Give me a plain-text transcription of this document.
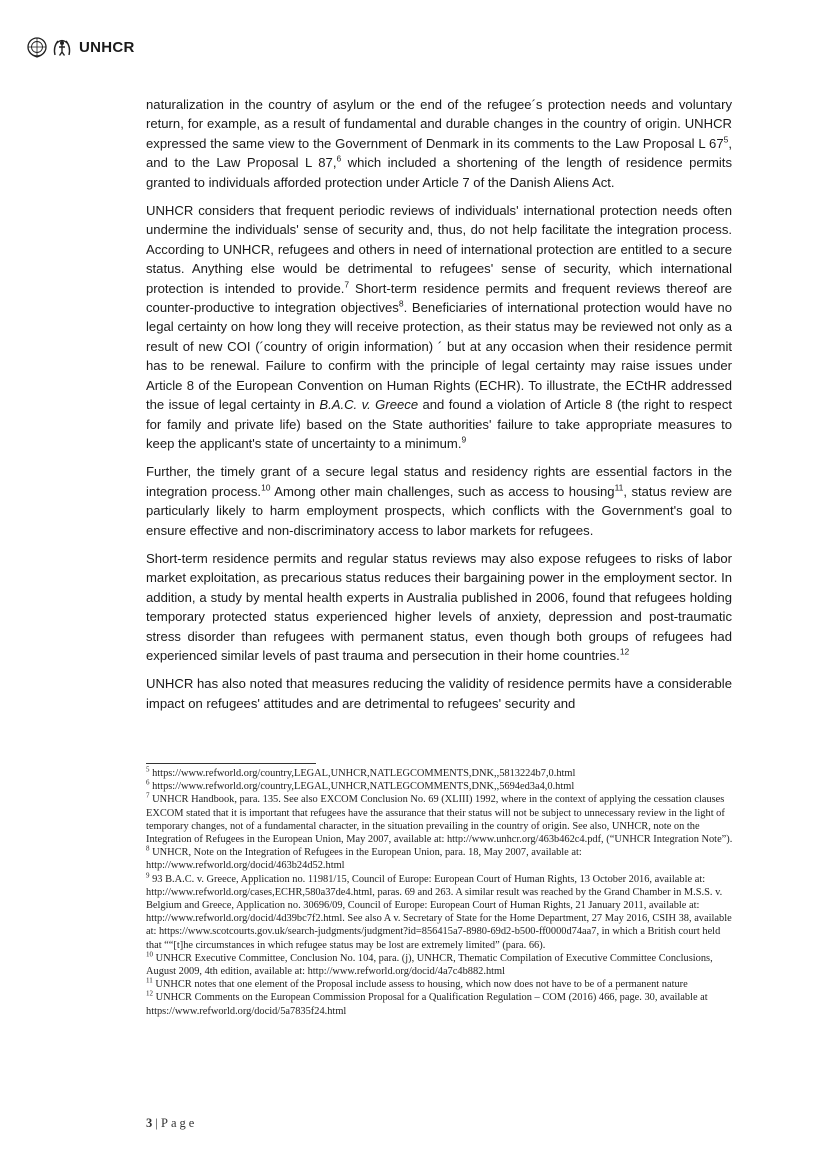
UNHCR

naturalization in the country of asylum or the end of the refugee´s protection needs and voluntary return, for example, as a result of fundamental and durable changes in the country of origin. UNHCR expressed the same view to the Government of Denmark in its comments to the Law Proposal L $67^5$, and to the Law Proposal L 87,$^6$ which included a shortening of the length of residence permits granted to individuals afforded protection under Article 7 of the Danish Aliens Act.

UNHCR considers that frequent periodic reviews of individuals' international protection needs often undermine the individuals' sense of security and, thus, do not help facilitate the integration process. According to UNHCR, refugees and others in need of international protection are entitled to a secure status. Anything else would be detrimental to refugees' sense of security, which international protection is intended to provide.$^7$ Short-term residence permits and frequent reviews thereof are counter-productive to integration objectives$^8$. Beneficiaries of international protection would have no legal certainty on how long they will receive protection, as their status may be reviewed not only as a result of new COI (´country of origin information) ´ but at any occasion when their residence permit has to be renewal. Failure to confirm with the principle of legal certainty may raise issues under Article 8 of the European Convention on Human Rights (ECHR). To illustrate, the ECtHR addressed the issue of legal certainty in B.A.C. v. Greece and found a violation of Article 8 (the right to respect for family and private life) based on the State authorities' failure to take appropriate measures to keep the applicant's state of uncertainty to a minimum.$^9$

Further, the timely grant of a secure legal status and residency rights are essential factors in the integration process.$^{10}$ Among other main challenges, such as access to housing$^{11}$, status review are particularly likely to harm employment prospects, which conflicts with the Government's goal to ensure effective and non-discriminatory access to labor markets for refugees.

Short-term residence permits and regular status reviews may also expose refugees to risks of labor market exploitation, as precarious status reduces their bargaining power in the employment sector. In addition, a study by mental health experts in Australia published in 2006, found that refugees holding temporary protected status experienced higher levels of anxiety, depression and post-traumatic stress disorder than refugees with permanent status, even though both groups of refugees had experienced similar levels of past trauma and persecution in their home countries.$^{12}$

UNHCR has also noted that measures reducing the validity of residence permits have a considerable impact on refugees' attitudes and are detrimental to refugees' security and

$^5$ https://www.refworld.org/country,LEGAL,UNHCR,NATLEGCOMMENTS,DNK,,5813224b7,0.html

$^6$ https://www.refworld.org/country,LEGAL,UNHCR,NATLEGCOMMENTS,DNK,,5694ed3a4,0.html

$^7$ UNHCR Handbook, para. 135. See also EXCOM Conclusion No. 69 (XLIII) 1992, where in the context of applying the cessation clauses EXCOM stated that it is important that refugees have the assurance that their status will not be subject to unnecessary review in the light of temporary changes, not of a fundamental character, in the situation prevailing in the country of origin. See also, UNHCR, note on the Integration of Refugees in the European Union, May 2007, available at: http://www.unhcr.org/463b462c4.pdf, (“UNHCR Integration Note”).

$^8$ UNHCR, Note on the Integration of Refugees in the European Union, para. 18, May 2007, available at: http://www.refworld.org/docid/463b24d52.html

$^9$ 93 B.A.C. v. Greece, Application no. 11981/15, Council of Europe: European Court of Human Rights, 13 October 2016, available at: http://www.refworld.org/cases,ECHR,580a37de4.html, paras. 69 and 263. A similar result was reached by the Grand Chamber in M.S.S. v. Belgium and Greece, Application no. 30696/09, Council of Europe: European Court of Human Rights, 21 January 2011, available at: http://www.refworld.org/docid/4d39bc7f2.html. See also A v. Secretary of State for the Home Department, 27 May 2016, CSIH 38, available at: https://www.scotcourts.gov.uk/search-judgments/judgment?id=856415a7-8980-69d2-b500-ff0000d74aa7, in which a British court held that ““[t]he circumstances in which refugee status may be lost are extremely limited” (para. 66).

$^{10}$ UNHCR Executive Committee, Conclusion No. 104, para. (j), UNHCR, Thematic Compilation of Executive Committee Conclusions, August 2009, 4th edition, available at: http://www.refworld.org/docid/4a7c4b882.html

$^{11}$ UNHCR notes that one element of the Proposal include assess to housing, which now does not have to be of a permanent nature

$^{12}$ UNHCR Comments on the European Commission Proposal for a Qualification Regulation – COM (2016) 466, page. 30, available at https://www.refworld.org/docid/5a7835f24.html

3 | Page
